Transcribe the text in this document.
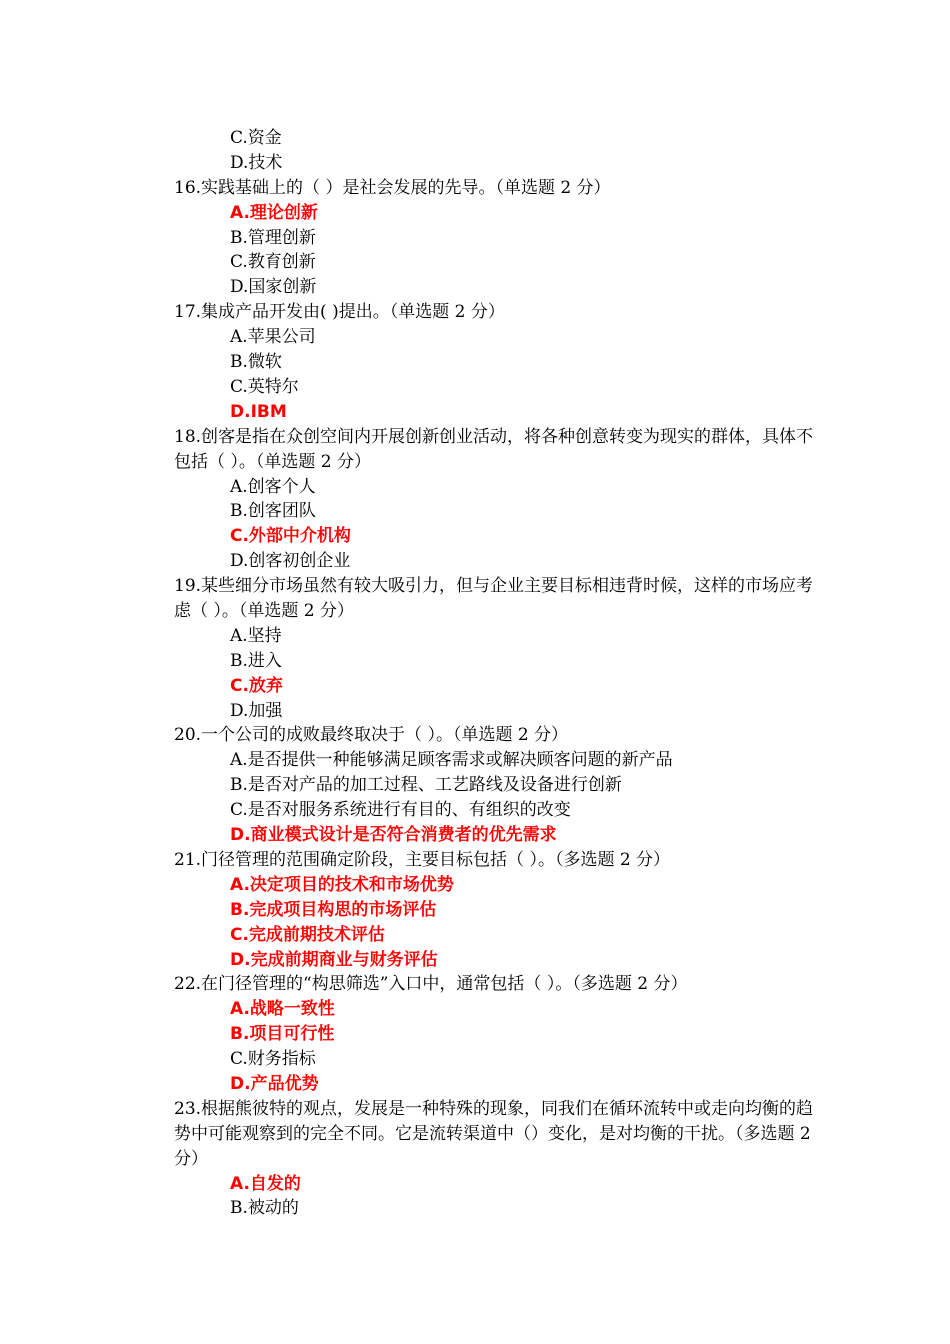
C.资金
D.技术
16.实践基础上的（ ）是社会发展的先导。（单选题 2 分）
A.理论创新
B.管理创新
C.教育创新
D.国家创新
17.集成产品开发由( )提出。（单选题 2 分）
A.苹果公司
B.微软
C.英特尔
D.IBM
18.创客是指在众创空间内开展创新创业活动，将各种创意转变为现实的群体，具体不包括（ ）。（单选题 2 分）
A.创客个人
B.创客团队
C.外部中介机构
D.创客初创企业
19.某些细分市场虽然有较大吸引力，但与企业主要目标相违背时候，这样的市场应考虑（ ）。（单选题 2 分）
A.坚持
B.进入
C.放弃
D.加强
20.一个公司的成败最终取决于（ ）。（单选题 2 分）
A.是否提供一种能够满足顾客需求或解决顾客问题的新产品
B.是否对产品的加工过程、工艺路线及设备进行创新
C.是否对服务系统进行有目的、有组织的改变
D.商业模式设计是否符合消费者的优先需求
21.门径管理的范围确定阶段，主要目标包括（ ）。（多选题 2 分）
A.决定项目的技术和市场优势
B.完成项目构思的市场评估
C.完成前期技术评估
D.完成前期商业与财务评估
22.在门径管理的“构思筛选”入口中，通常包括（ ）。（多选题 2 分）
A.战略一致性
B.项目可行性
C.财务指标
D.产品优势
23.根据熊彼特的观点，发展是一种特殊的现象，同我们在循环流转中或走向均衡的趋势中可能观察到的完全不同。它是流转渠道中（）变化，是对均衡的干扰。（多选题 2 分）
A.自发的
B.被动的
